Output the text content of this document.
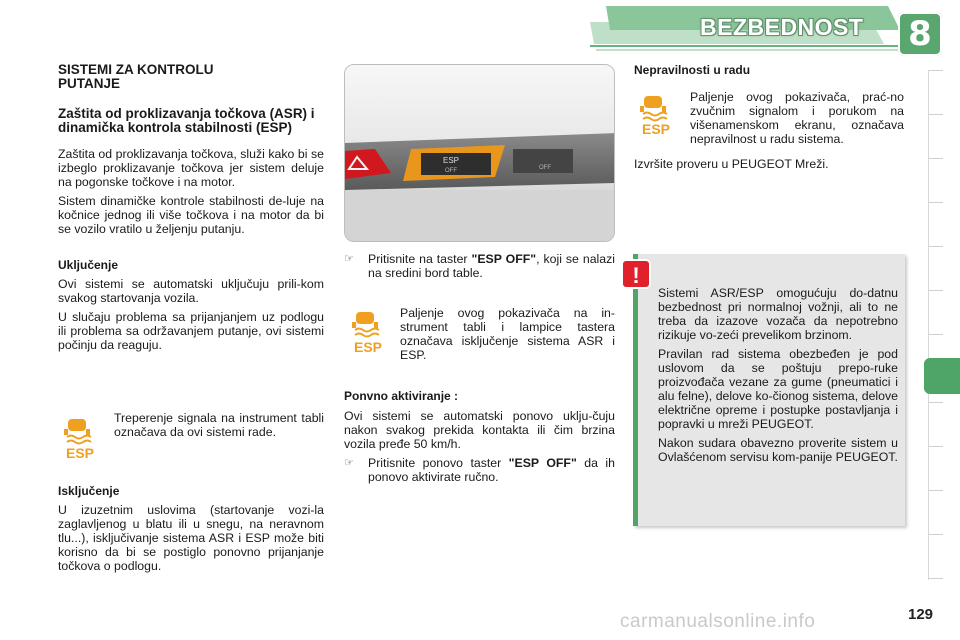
BEZBEDNOST 8
SISTEMI ZA KONTROLU PUTANJE
Zaštita od proklizavanja točkova (ASR) i dinamička kontrola stabilnosti (ESP)

Zaštita od proklizavanja točkova, služi kako bi se izbeglo proklizavanje točkova jer sistem deluje na pogonske točkove i na motor.

Sistem dinamičke kontrole stabilnosti de-luje na kočnice jednog ili više točkova i na motor da bi se vozilo vratilo u željenju putanju.

Uključenje

Ovi sistemi se automatski uključuju prili-kom svakog startovanja vozila.

U slučaju problema sa prijanjanjem uz podlogu ili problema sa održavanjem putanje, ovi sistemi počinju da reaguju.

ESP
Treperenje signala na instrument tabli označava da ovi sistemi rade.
Isključenje

U izuzetnim uslovima (startovanje vozi-la zaglavljenog u blatu ili u snegu, na neravnom tlu...), isključivanje sistema ASR i ESP može biti korisno da bi se postiglo ponovno prijanjanje točkova o podlogu.

ESP
OFF	OFF
☞	Pritisnite na taster "ESP OFF", koji se nalazi na sredini bord table.

ESP
Paljenje ovog pokazivača na in-strument tabli i lampice tastera označava isključenje sistema ASR i ESP.
Ponvno aktiviranje :

Ovi sistemi se automatski ponovo uklju-čuju nakon svakog prekida kontakta ili čim brzina vozila pređe 50 km/h.

☞	Pritisnite ponovo taster "ESP OFF" da ih ponovo aktivirate ručno.

Nepravilnosti u radu
ESP
Paljenje ovog pokazivača, prać-no zvučnim signalom i porukom na višenamenskom ekranu, označava nepravilnost u radu sistema.

Izvršite proveru u PEUGEOT Mreži.

Sistemi ASR/ESP omogućuju do-datnu bezbednost pri normalnoj vožnji, ali to ne treba da izazove vozača da nepotrebno rizikuje vo-zeći prevelikom brzinom.

Pravilan rad sistema obezbeđen je pod uslovom da se poštuju prepo-ruke proizvođača vezane za gume (pneumatici i alu felne), delove ko-čionog sistema, delove električne opreme i postupke postavljanja i popravki u mreži PEUGEOT.

Nakon sudara obavezno proverite sistem u Ovlašćenom servisu kom-panije PEUGEOT.

!
carmanualsonline.info	129
